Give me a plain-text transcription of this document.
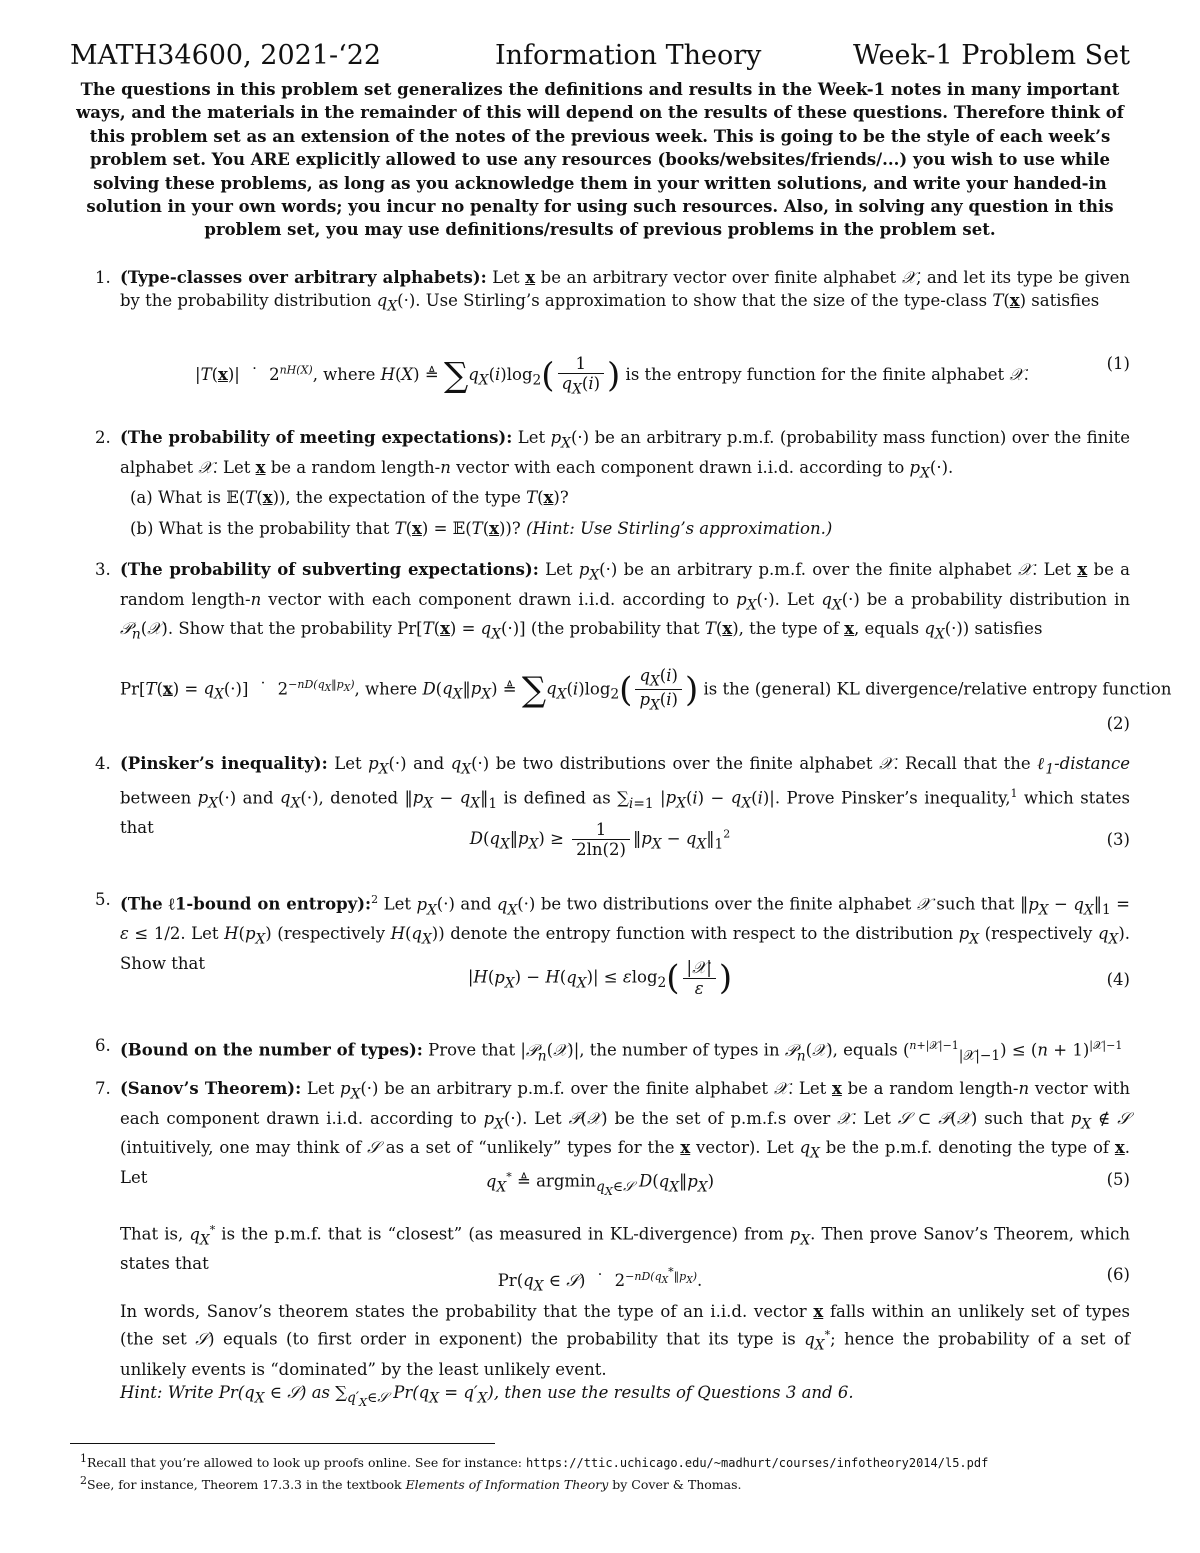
MATH34600, 2021-‘22	Information Theory	Week-1 Problem Set
The questions in this problem set generalizes the definitions and results in the Week-1 notes in many important ways, and the materials in the remainder of this will depend on the results of these questions. Therefore think of this problem set as an extension of the notes of the previous week. This is going to be the style of each week’s problem set. You ARE explicitly allowed to use any resources (books/websites/friends/...) you wish to use while solving these problems, as long as you acknowledge them in your written solutions, and write your handed-in solution in your own words; you incur no penalty for using such resources. Also, in solving any question in this problem set, you may use definitions/results of previous problems in the problem set.
1. (Type-classes over arbitrary alphabets): Let x be an arbitrary vector over finite alphabet 𝒳, and let its type be given by the probability distribution $q_X(\cdot)$. Use Stirling’s approximation to show that the size of the type-class T(x) satisfies
|T(x)|  ˙  $2^{nH(X)}$, where H(X) ≜ $\sum q_X(i)\log_2( \frac{1}{q_X(i)}$ ) is the entropy function for the finite alphabet 𝒳.
(1)
2. (The probability of meeting expectations): Let $p_X(\cdot)$ be an arbitrary p.m.f. (probability mass function) over the finite alphabet 𝒳. Let x be a random length-n vector with each component drawn i.i.d. according to $p_X(\cdot)$.
(a) What is 𝔼(T(x)), the expectation of the type T(x)?
(b) What is the probability that T(x) = 𝔼(T(x))? (Hint: Use Stirling’s approximation.)
3. (The probability of subverting expectations): Let $p_X(\cdot)$ be an arbitrary p.m.f. over the finite alphabet 𝒳. Let x be a random length-n vector with each component drawn i.i.d. according to $p_X(\cdot)$. Let $q_X(\cdot)$ be a probability distribution in 𝒫$_n$(𝒳). Show that the probability $Pr[T(x) = q_X(\cdot)]$ (the probability that T(x), the type of x, equals $q_X(\cdot)$) satisfies
$Pr[T(x) = q_X(\cdot)]$  ˙  $2^{-nD(q_X‖p_X)}$, where $D(q_X‖p_X)$ ≜ $\sum q_X(i)\log_2( \frac{q_X(i)}{p_X(i)}$ ) is the (general) KL divergence/relative entropy function
(2)
4. (Pinsker’s inequality): Let $p_X(\cdot)$ and $q_X(\cdot)$ be two distributions over the finite alphabet 𝒳. Recall that the ℓ$_1$-distance between $p_X(\cdot)$ and $q_X(\cdot)$, denoted $‖p_X$ − $q_X‖_1$ is defined as $\sum_{i=1}$ $|p_X(i) - q_X(i)|$. Prove Pinsker’s inequality,$^1$ which states that
$D(q_X‖p_X) \ge \frac{1}{2\ln(2)}$ $‖p_X$ − $q_X‖_1^2$	(3)
5. (The ℓ1-bound on entropy):$^2$ Let $p_X(\cdot)$ and $q_X(\cdot)$ be two distributions over the finite alphabet 𝒳 such that $‖p_X$ − $q_X‖_1 = \varepsilon \le 1/2$. Let $H(p_X)$ (respectively $H(q_X)$) denote the entropy function with respect to the distribution $p_X$ (respectively $q_X$). Show that
$|H(p_X) - H(q_X)| \le \varepsilon\log_2( \frac{\text{|𝒳|}}{\varepsilon}$ )	(4)
6. (Bound on the number of types): Prove that |𝒫$_n$(𝒳)|, the number of types in 𝒫$_n$(𝒳), equals $(^{n+|𝒳|-1}_{|𝒳|-1}) \le (n + 1)^{|𝒳|-1}$
7. (Sanov’s Theorem): Let $p_X(\cdot)$ be an arbitrary p.m.f. over the finite alphabet 𝒳. Let x be a random length-n vector with each component drawn i.i.d. according to $p_X(\cdot)$. Let 𝒫(𝒳) be the set of p.m.f.s over 𝒳. Let 𝒮 ⊂ 𝒫(𝒳) such that $p_X$ ∉ 𝒮 (intuitively, one may think of 𝒮 as a set of “unlikely” types for the x vector). Let $q_X$ be the p.m.f. denoting the type of x. Let	$q_X^*$ ≜ argmin$_{q_X\in 𝒮}$ $D(q_X‖p_X)$	(5)
That is, $q_X^*$ is the p.m.f. that is “closest” (as measured in KL-divergence) from $p_X$. Then prove Sanov’s Theorem, which states that
$Pr(q_X$ ∈ 𝒮)  ˙  $2^{-nD(q_X^*‖p_X)}$.	(6)
In words, Sanov’s theorem states the probability that the type of an i.i.d. vector x falls within an unlikely set of types (the set 𝒮) equals (to first order in exponent) the probability that its type is $q_X^*$; hence the probability of a set of unlikely events is “dominated” by the least unlikely event.
Hint: Write $Pr(q_X$ ∈ 𝒮) as $\sum_{q'_X\in 𝒮}$ $Pr(q_X = q'_X)$, then use the results of Questions 3 and 6.
$^1$Recall that you’re allowed to look up proofs online. See for instance: https://ttic.uchicago.edu/~madhurt/courses/infotheory2014/l5.pdf
$^2$See, for instance, Theorem 17.3.3 in the textbook Elements of Information Theory by Cover & Thomas.
